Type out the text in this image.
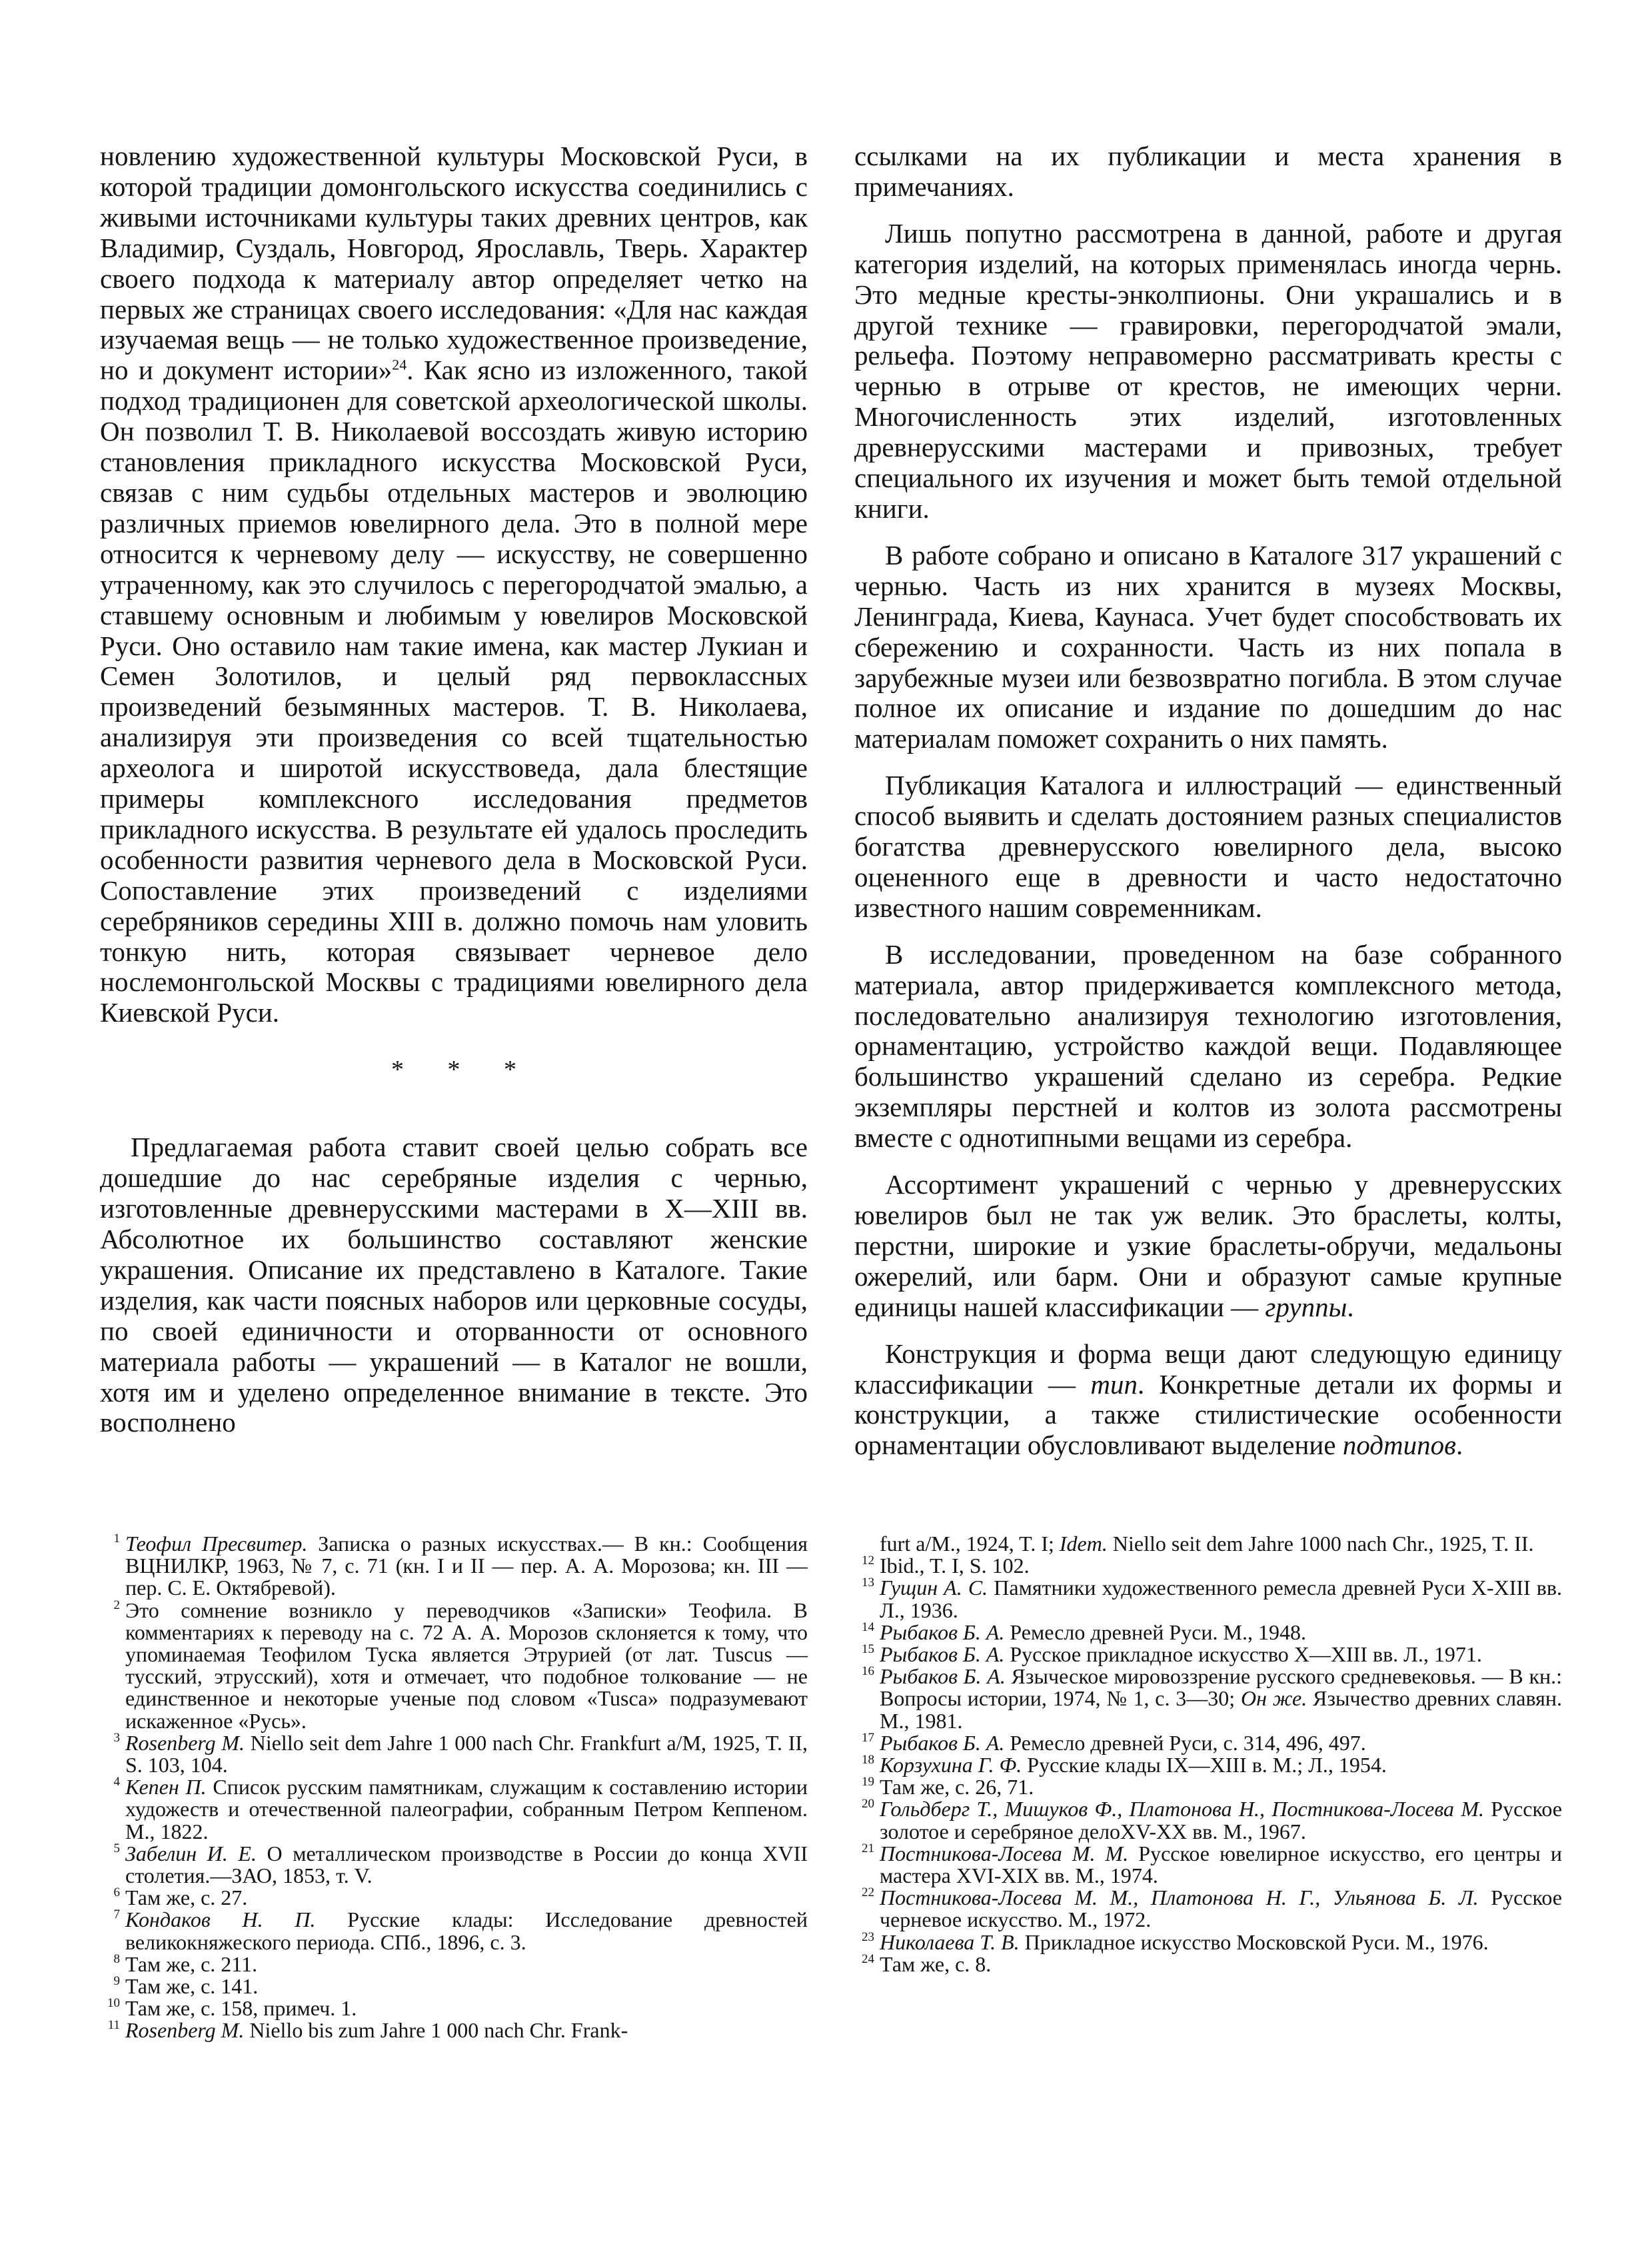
новлению художественной культуры Московской Руси, в которой традиции домонгольского искусства соединились с живыми источниками культуры таких древних центров, как Владимир, Суздаль, Новгород, Ярославль, Тверь. Характер своего подхода к материалу автор определяет четко на первых же страницах своего исследования: «Для нас каждая изучаемая вещь — не только художественное произведение, но и документ истории»$^{24}$. Как ясно из изложенного, такой подход традиционен для советской археологической школы. Он позволил Т. В. Николаевой воссоздать живую историю становления прикладного искусства Московской Руси, связав с ним судьбы отдельных мастеров и эволюцию различных приемов ювелирного дела. Это в полной мере относится к черневому делу — искусству, не совершенно утраченному, как это случилось с перегородчатой эмалью, а ставшему основным и любимым у ювелиров Московской Руси. Оно оставило нам такие имена, как мастер Лукиан и Семен Золотилов, и целый ряд первоклассных произведений безымянных мастеров. Т. В. Николаева, анализируя эти произведения со всей тщательностью археолога и широтой искусствоведа, дала блестящие примеры комплексного исследования предметов прикладного искусства. В результате ей удалось проследить особенности развития черневого дела в Московской Руси. Сопоставление этих произведений с изделиями серебряников середины XIII в. должно помочь нам уловить тонкую нить, которая связывает черневое дело нослемонгольской Москвы с традициями ювелирного дела Киевской Руси.

* * *

Предлагаемая работа ставит своей целью собрать все дошедшие до нас серебряные изделия с чернью, изготовленные древнерусскими мастерами в X—XIII вв. Абсолютное их большинство составляют женские украшения. Описание их представлено в Каталоге. Такие изделия, как части поясных наборов или церковные сосуды, по своей единичности и оторванности от основного материала работы — украшений — в Каталог не вошли, хотя им и уделено определенное внимание в тексте. Это восполнено

ссылками на их публикации и места хранения в примечаниях.

Лишь попутно рассмотрена в данной, работе и другая категория изделий, на которых применялась иногда чернь. Это медные кресты-энколпионы. Они украшались и в другой технике — гравировки, перегородчатой эмали, рельефа. Поэтому неправомерно рассматривать кресты с чернью в отрыве от крестов, не имеющих черни. Многочисленность этих изделий, изготовленных древнерусскими мастерами и привозных, требует специального их изучения и может быть темой отдельной книги.

В работе собрано и описано в Каталоге 317 украшений с чернью. Часть из них хранится в музеях Москвы, Ленинграда, Киева, Каунаса. Учет будет способствовать их сбережению и сохранности. Часть из них попала в зарубежные музеи или безвозвратно погибла. В этом случае полное их описание и издание по дошедшим до нас материалам поможет сохранить о них память.

Публикация Каталога и иллюстраций — единственный способ выявить и сделать достоянием разных специалистов богатства древнерусского ювелирного дела, высоко оцененного еще в древности и часто недостаточно известного нашим современникам.

В исследовании, проведенном на базе собранного материала, автор придерживается комплексного метода, последовательно анализируя технологию изготовления, орнаментацию, устройство каждой вещи. Подавляющее большинство украшений сделано из серебра. Редкие экземпляры перстней и колтов из золота рассмотрены вместе с однотипными вещами из серебра.

Ассортимент украшений с чернью у древнерусских ювелиров был не так уж велик. Это браслеты, колты, перстни, широкие и узкие браслеты-обручи, медальоны ожерелий, или барм. Они и образуют самые крупные единицы нашей классификации — группы.

Конструкция и форма вещи дают следующую единицу классификации — тип. Конкретные детали их формы и конструкции, а также стилистические особенности орнаментации обусловливают выделение подтипов.

1 Теофил Пресвитер. Записка о разных искусствах.— В кн.: Сообщения ВЦНИЛКР, 1963, № 7, с. 71 (кн. I и II — пер. А. А. Морозова; кн. III — пер. С. Е. Октябревой).

2 Это сомнение возникло у переводчиков «Записки» Теофила. В комментариях к переводу на с. 72 А. А. Морозов склоняется к тому, что упоминаемая Теофилом Туска является Этрурией (от лат. Tuscus — тусский, этрусский), хотя и отмечает, что подобное толкование — не единственное и некоторые ученые под словом «Tusca» подразумевают искаженное «Русь».

3 Rosenberg M. Niello seit dem Jahre 1 000 nach Chr. Frankfurt a/M, 1925, T. II, S. 103, 104.

4 Кепен П. Список русским памятникам, служащим к составлению истории художеств и отечественной палеографии, собранным Петром Кеппеном. М., 1822.

5 Забелин И. Е. О металлическом производстве в России до конца XVII столетия.—ЗАО, 1853, т. V.

6 Там же, с. 27.

7 Кондаков Н. П. Русские клады: Исследование древностей великокняжеского периода. СПб., 1896, с. 3.

8 Там же, с. 211.

9 Там же, с. 141.

10 Там же, с. 158, примеч. 1.

11 Rosenberg M. Niello bis zum Jahre 1 000 nach Chr. Frank-

furt a/M., 1924, T. I; Idem. Niello seit dem Jahre 1000 nach Chr., 1925, T. II.

12 Ibid., T. I, S. 102.

13 Гущин А. С. Памятники художественного ремесла древней Руси X-XIII вв. Л., 1936.

14 Рыбаков Б. А. Ремесло древней Руси. М., 1948.

15 Рыбаков Б. А. Русское прикладное искусство X—XIII вв. Л., 1971.

16 Рыбаков Б. А. Языческое мировоззрение русского средневековья. — В кн.: Вопросы истории, 1974, № 1, с. 3—30; Он же. Язычество древних славян. М., 1981.

17 Рыбаков Б. А. Ремесло древней Руси, с. 314, 496, 497.

18 Корзухина Г. Ф. Русские клады IX—XIII в. М.; Л., 1954.

19 Там же, с. 26, 71.

20 Гольдберг Т., Мишуков Ф., Платонова Н., Постникова-Лосева М. Русское золотое и серебряное делоXV-XX вв. М., 1967.

21 Постникова-Лосева М. М. Русское ювелирное искусство, его центры и мастера XVI-XIX вв. М., 1974.

22 Постникова-Лосева М. М., Платонова Н. Г., Ульянова Б. Л. Русское черневое искусство. М., 1972.

23 Николаева Т. В. Прикладное искусство Московской Руси. М., 1976.

24 Там же, с. 8.
